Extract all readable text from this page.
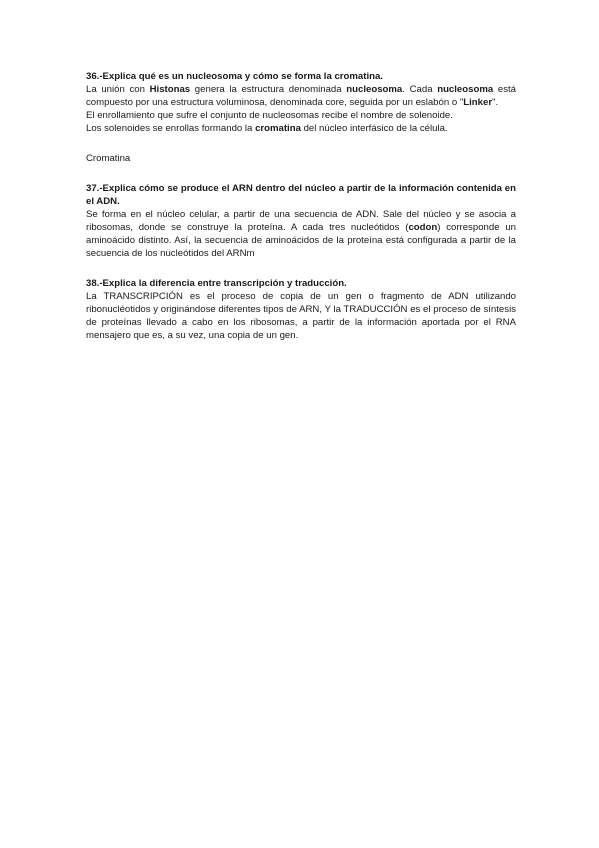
36.-Explica qué es un nucleosoma y cómo se forma la cromatina.

La unión con Histonas genera la estructura denominada nucleosoma. Cada nucleosoma está compuesto por una estructura voluminosa, denominada core, seguida por un eslabón o "Linker".

El enrollamiento que sufre el conjunto de nucleosomas recibe el nombre de solenoide.

Los solenoides se enrollas formando la cromatina del núcleo interfásico de la célula.

Cromatina

37.-Explica cómo se produce el ARN dentro del núcleo a partir de la información contenida en el ADN.

Se forma en el núcleo celular, a partir de una secuencia de ADN. Sale del núcleo y se asocia a ribosomas, donde se construye la proteína. A cada tres nucleótidos (codon) corresponde un aminoácido distinto. Así, la secuencia de aminoácidos de la proteína está configurada a partir de la secuencia de los nucleótidos del ARNm

38.-Explica la diferencia entre transcripción y traducción.

La TRANSCRIPCIÓN es el proceso de copia de un gen o fragmento de ADN utilizando ribonucléotidos y originándose diferentes tipos de ARN, Y la TRADUCCIÓN es el proceso de síntesis de proteínas llevado a cabo en los ribosomas, a partir de la información aportada por el RNA mensajero que es, a su vez, una copia de un gen.
